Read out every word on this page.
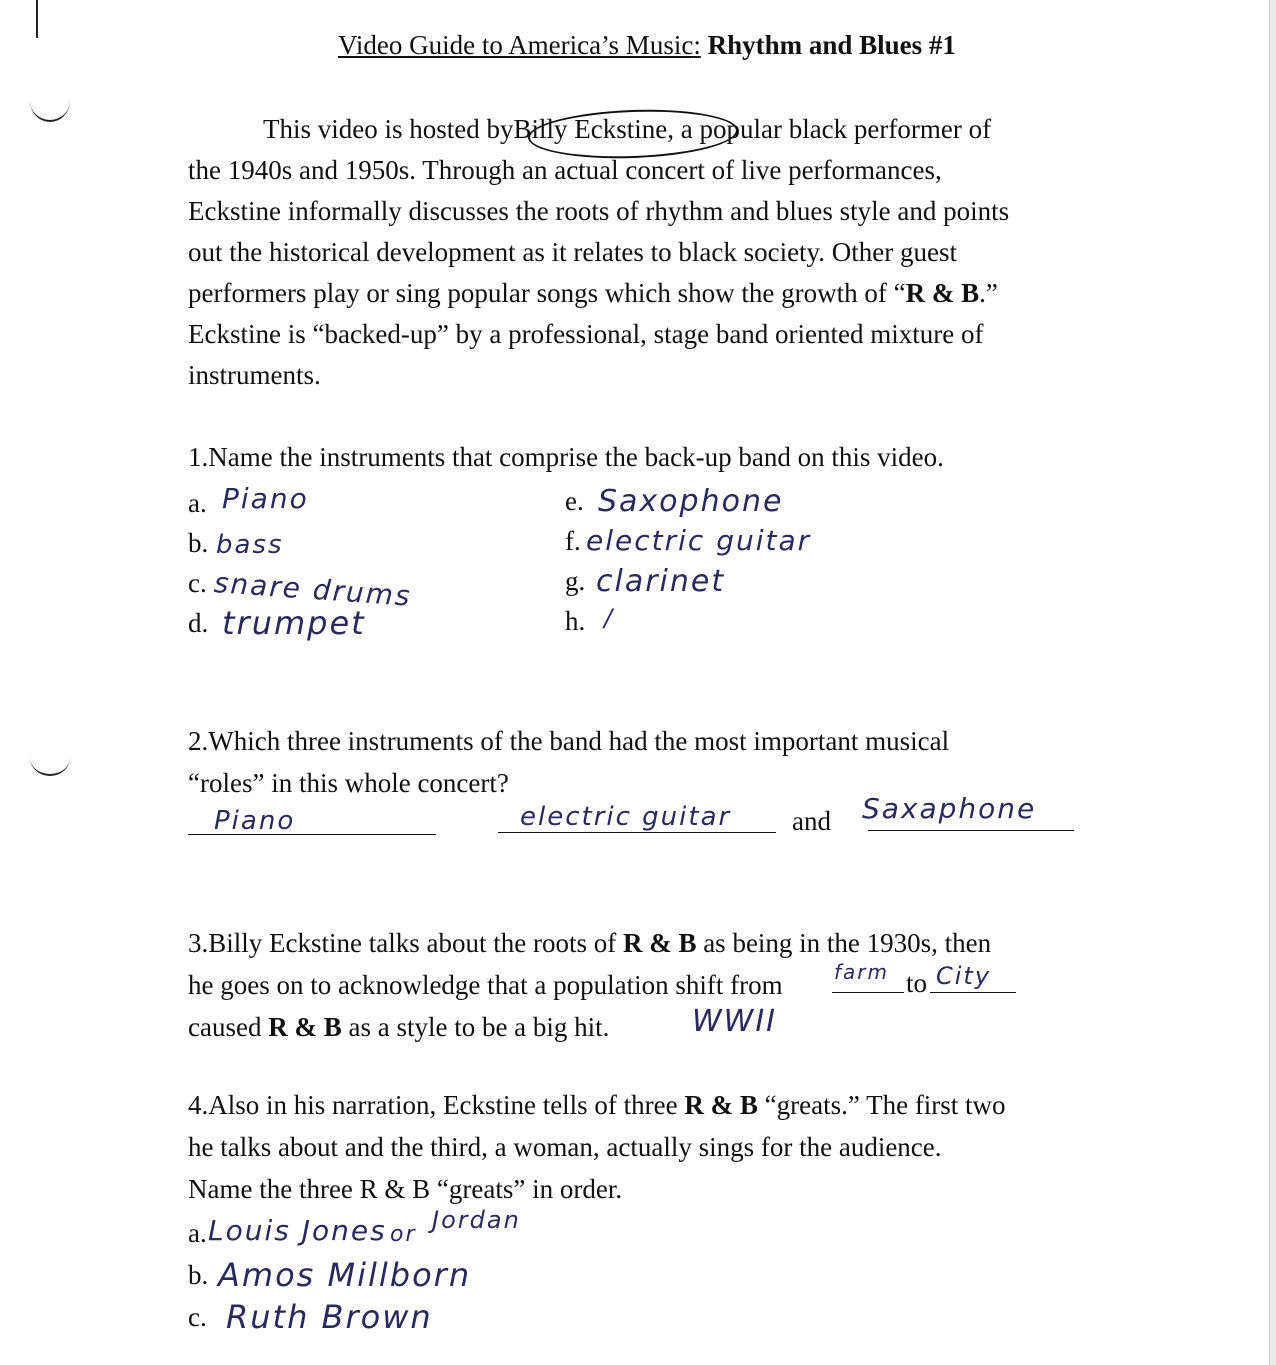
Video Guide to America’s Music: Rhythm and Blues #1
This video is hosted byBilly Eckstine, a popular black performer of
the 1940s and 1950s. Through an actual concert of live performances,
Eckstine informally discusses the roots of rhythm and blues style and points
out the historical development as it relates to black society. Other guest
performers play or sing popular songs which show the growth of “R & B.”
Eckstine is “backed-up” by a professional, stage band oriented mixture of
instruments.
1.Name the instruments that comprise the back-up band on this video.
a.
b.
c.
d.
e.
f.
g.
h.
Piano
bass
snare drums
trumpet
Saxophone
electric guitar
clarinet
/
2.Which three instruments of the band had the most important musical
“roles” in this whole concert?
and
Piano	electric guitar	Saxaphone
3.Billy Eckstine talks about the roots of R & B as being in the 1930s, then
he goes on to acknowledge that a population shift from	to
caused R & B as a style to be a big hit.
farm City
WWII
4.Also in his narration, Eckstine tells of three R & B “greats.” The first two
he talks about and the third, a woman, actually sings for the audience.
Name the three R & B “greats” in order.
a.
b.
c.
Louis Jones or
Jordan
Amos Millborn
Ruth Brown
